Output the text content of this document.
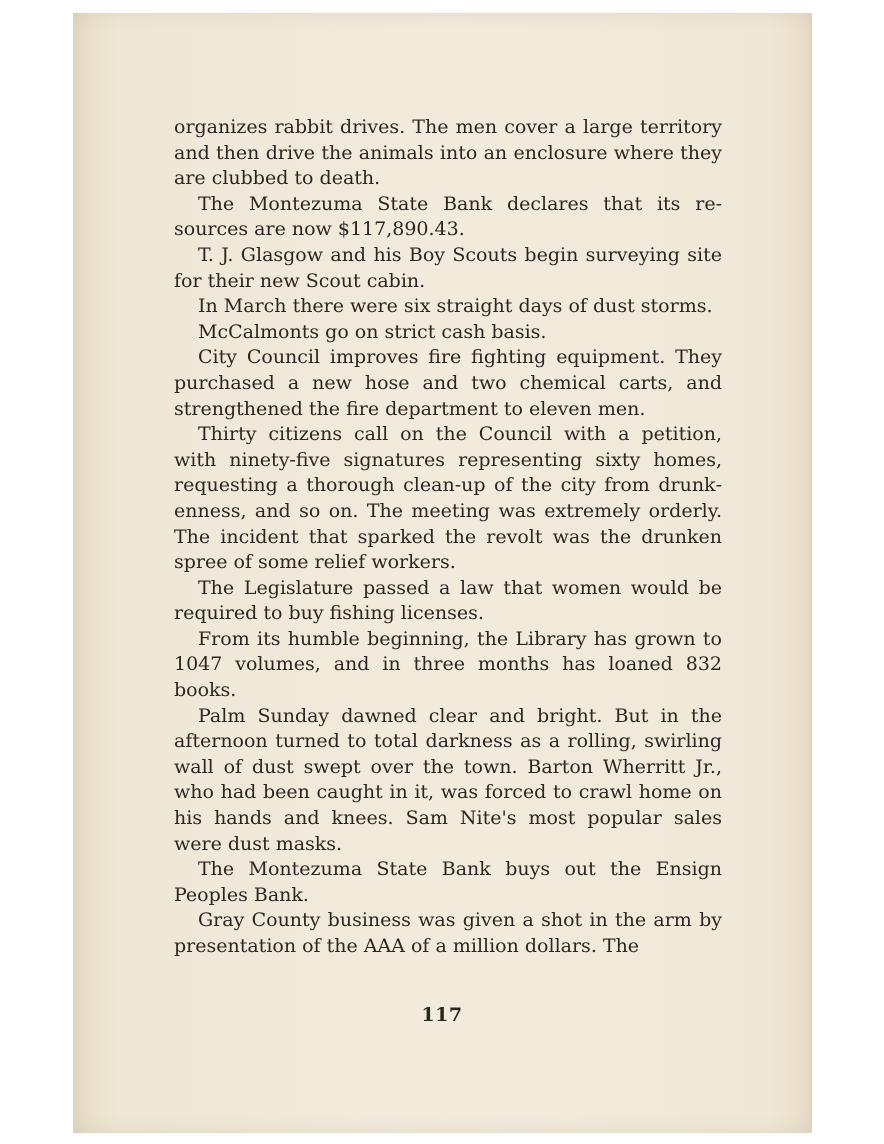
organizes rabbit drives. The men cover a large territory and then drive the animals into an enclosure where they are clubbed to death.

The Montezuma State Bank declares that its resources are now $117,890.43.

T. J. Glasgow and his Boy Scouts begin surveying site for their new Scout cabin.

In March there were six straight days of dust storms.

McCalmonts go on strict cash basis.

City Council improves fire fighting equipment. They purchased a new hose and two chemical carts, and strengthened the fire department to eleven men.

Thirty citizens call on the Council with a petition, with ninety-five signatures representing sixty homes, requesting a thorough clean-up of the city from drunkenness, and so on. The meeting was extremely orderly. The incident that sparked the revolt was the drunken spree of some relief workers.

The Legislature passed a law that women would be required to buy fishing licenses.

From its humble beginning, the Library has grown to 1047 volumes, and in three months has loaned 832 books.

Palm Sunday dawned clear and bright. But in the afternoon turned to total darkness as a rolling, swirling wall of dust swept over the town. Barton Wherritt Jr., who had been caught in it, was forced to crawl home on his hands and knees. Sam Nite's most popular sales were dust masks.

The Montezuma State Bank buys out the Ensign Peoples Bank.

Gray County business was given a shot in the arm by presentation of the AAA of a million dollars. The

117
